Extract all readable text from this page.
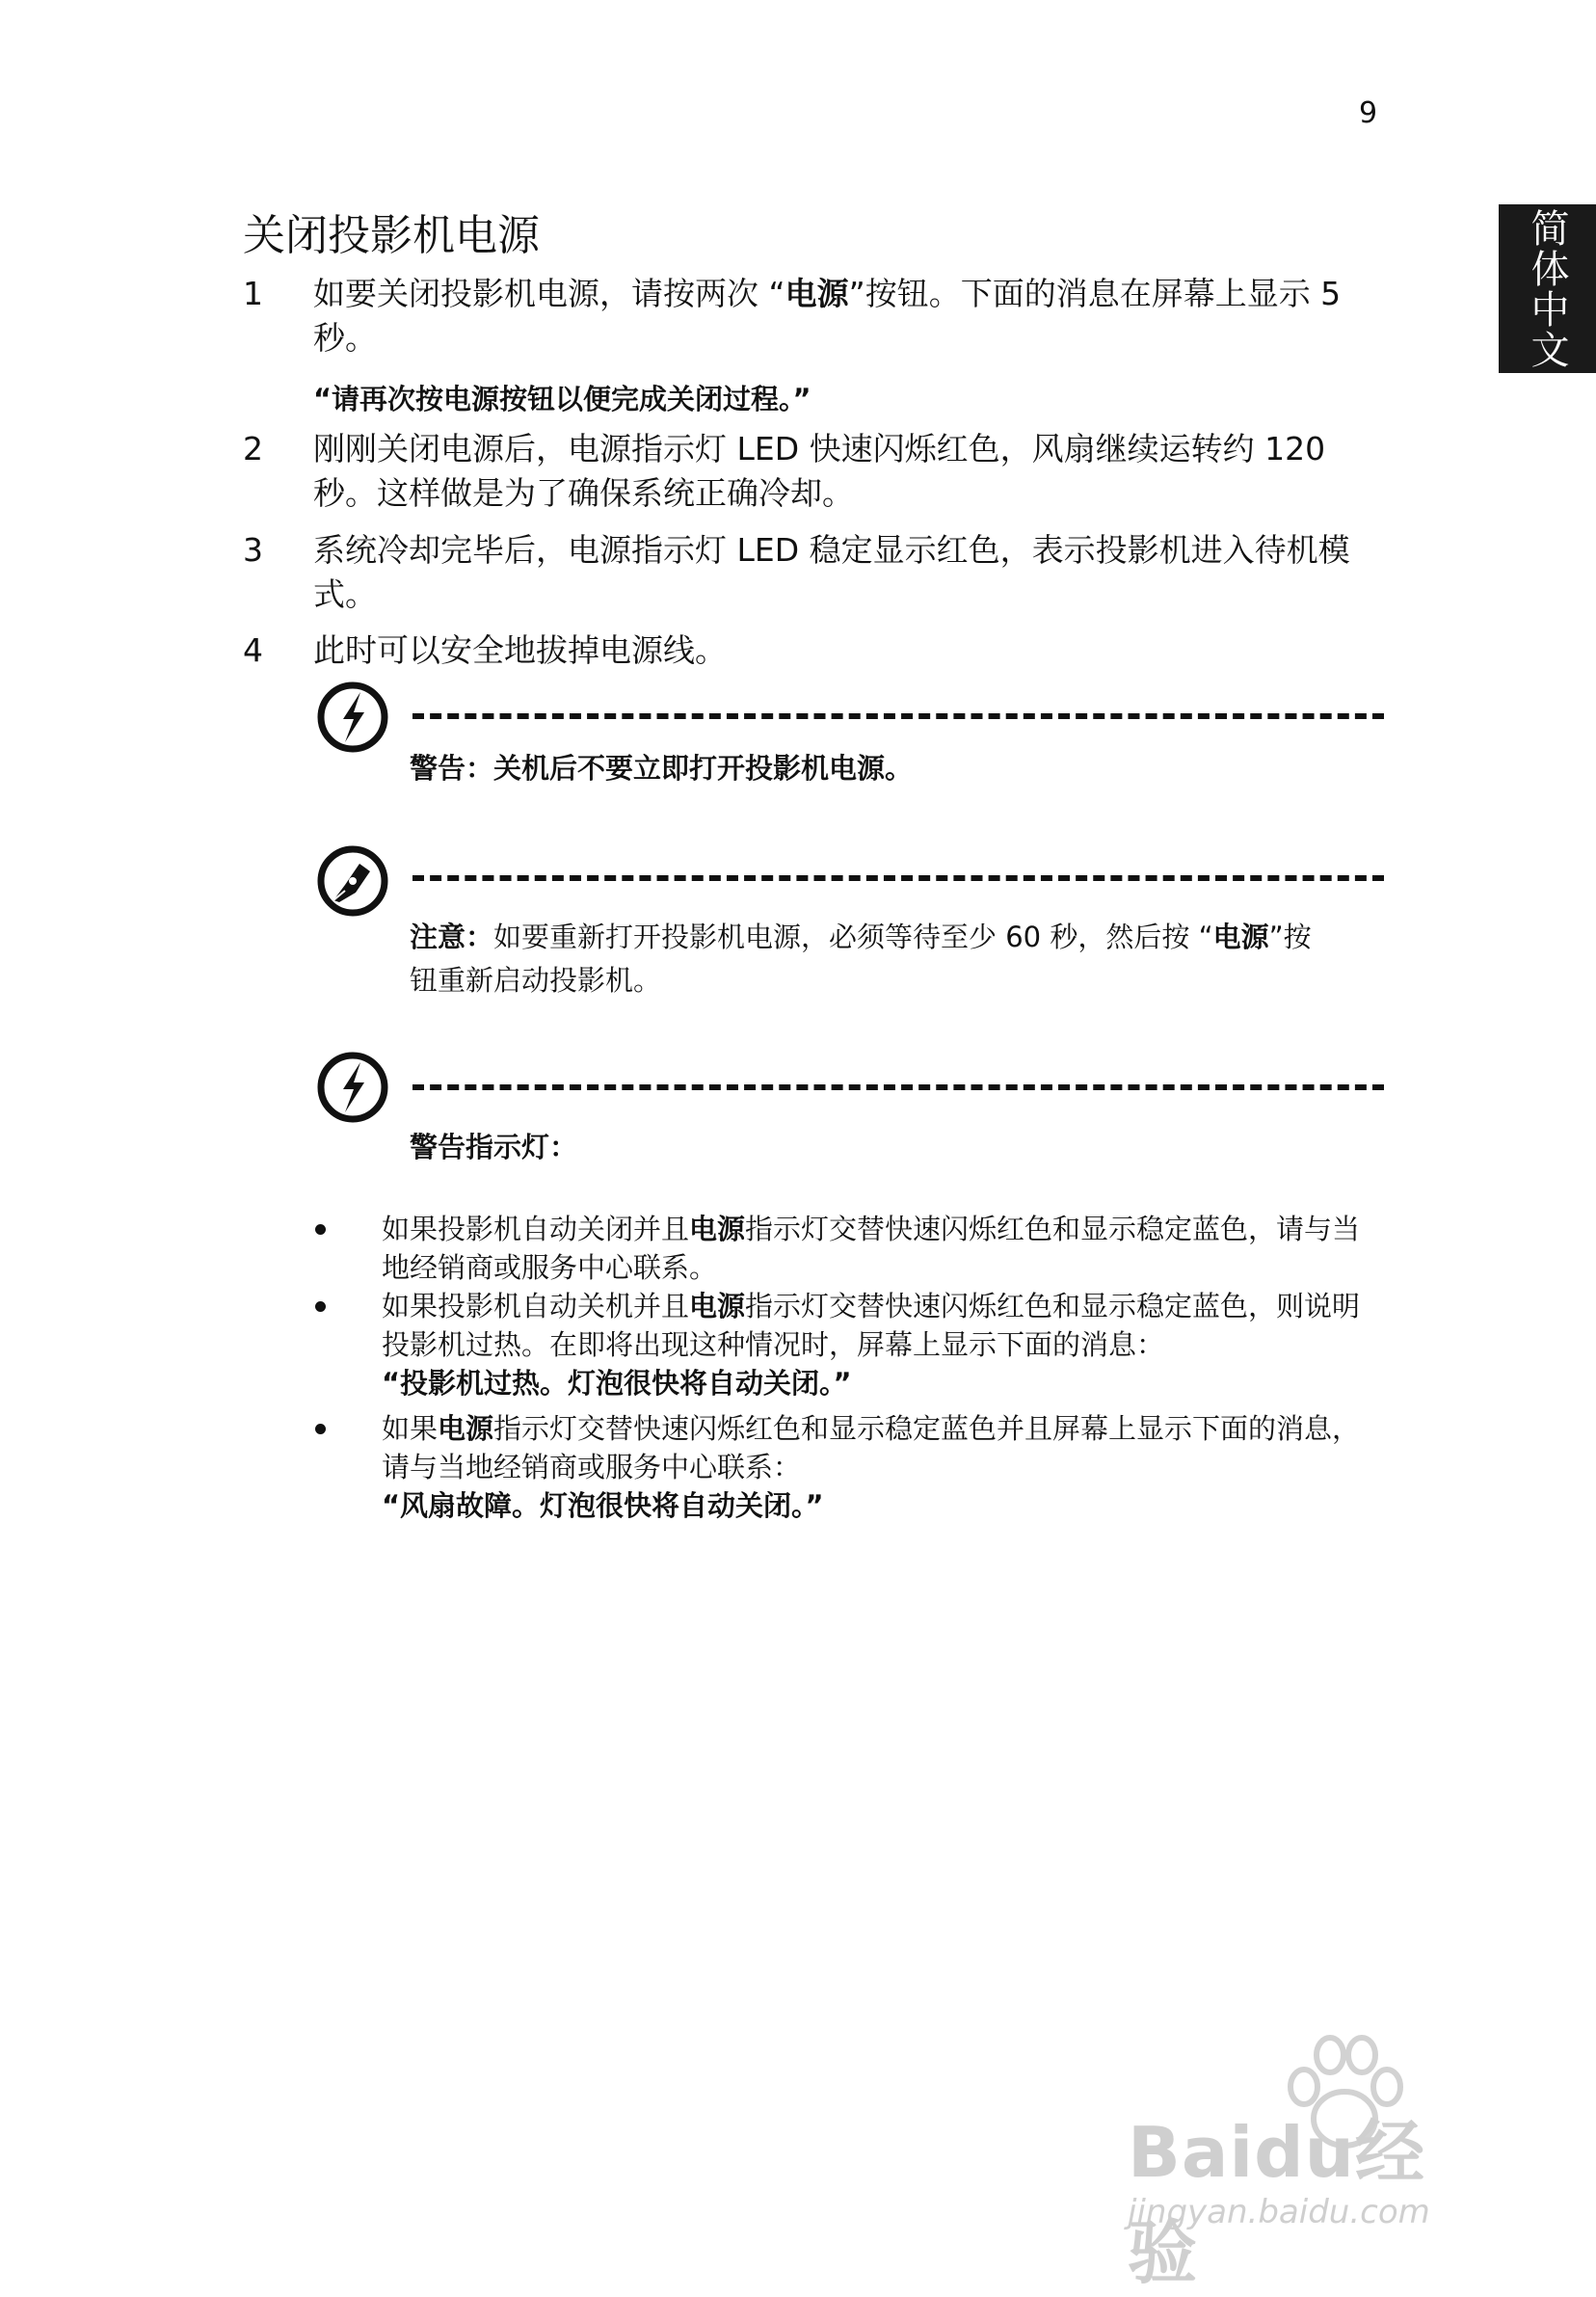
9
简体中文
关闭投影机电源
1 如要关闭投影机电源，请按两次 “电源”按钮。下面的消息在屏幕上显示 5 秒。
“请再次按电源按钮以便完成关闭过程。”
2 刚刚关闭电源后，电源指示灯 LED 快速闪烁红色，风扇继续运转约 120 秒。这样做是为了确保系统正确冷却。
3 系统冷却完毕后，电源指示灯 LED 稳定显示红色，表示投影机进入待机模式。
4 此时可以安全地拔掉电源线。
警告：关机后不要立即打开投影机电源。
注意：如要重新打开投影机电源，必须等待至少 60 秒，然后按 “电源”按钮重新启动投影机。
警告指示灯：
如果投影机自动关闭并且电源指示灯交替快速闪烁红色和显示稳定蓝色，请与当地经销商或服务中心联系。
如果投影机自动关机并且电源指示灯交替快速闪烁红色和显示稳定蓝色，则说明投影机过热。在即将出现这种情况时，屏幕上显示下面的消息：
“投影机过热。灯泡很快将自动关闭。”
如果电源指示灯交替快速闪烁红色和显示稳定蓝色并且屏幕上显示下面的消息，请与当地经销商或服务中心联系：
“风扇故障。灯泡很快将自动关闭。”
Baidu经验
jingyan.baidu.com
